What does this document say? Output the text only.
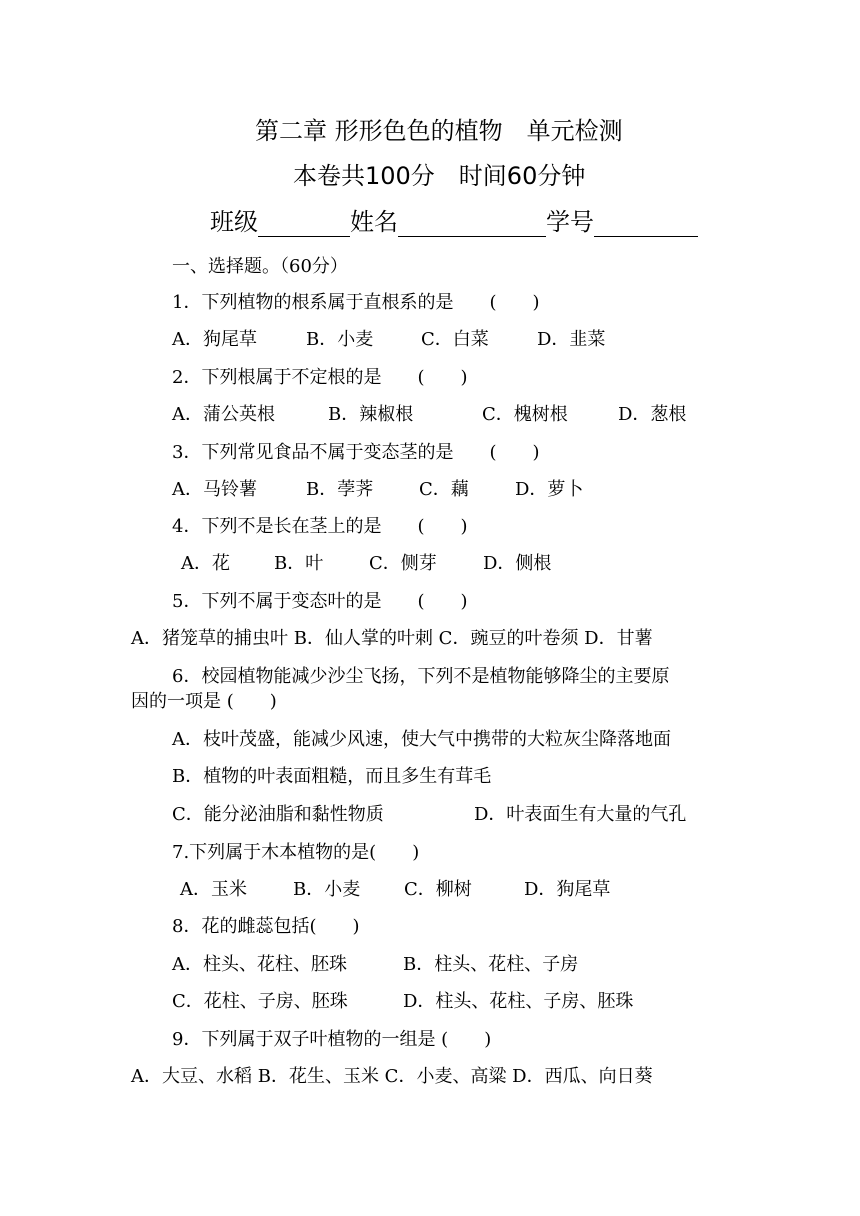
第二章 形形色色的植物　单元检测
本卷共100分　时间60分钟
班级	姓名	学号
一、选择题。（60分）
1．下列植物的根系属于直根系的是　　(　　)
A．狗尾草	B．小麦	C．白菜	D．韭菜
2．下列根属于不定根的是　　(　　)
A．蒲公英根	B．辣椒根	C．槐树根	D．葱根
3．下列常见食品不属于变态茎的是　　(　　)
A．马铃薯	B．荸荠	C．藕	D．萝卜
4．下列不是长在茎上的是　　(　　)
A．花 B．叶	C．侧芽	D．侧根
5．下列不属于变态叶的是　　(　　)
A．猪笼草的捕虫叶 B．仙人掌的叶刺 C．豌豆的叶卷须 D．甘薯
6．校园植物能减少沙尘飞扬，下列不是植物能够降尘的主要原
因的一项是 (　　)
A．枝叶茂盛，能减少风速，使大气中携带的大粒灰尘降落地面
B．植物的叶表面粗糙，而且多生有茸毛
C．能分泌油脂和黏性物质	D．叶表面生有大量的气孔
7.下列属于木本植物的是(　　)
A．玉米	B．小麦 C．柳树	D．狗尾草
8．花的雌蕊包括(　　)
A．柱头、花柱、胚珠	B．柱头、花柱、子房
C．花柱、子房、胚珠	D．柱头、花柱、子房、胚珠
9．下列属于双子叶植物的一组是 (　　)
A．大豆、水稻 B．花生、玉米 C．小麦、高粱 D．西瓜、向日葵
